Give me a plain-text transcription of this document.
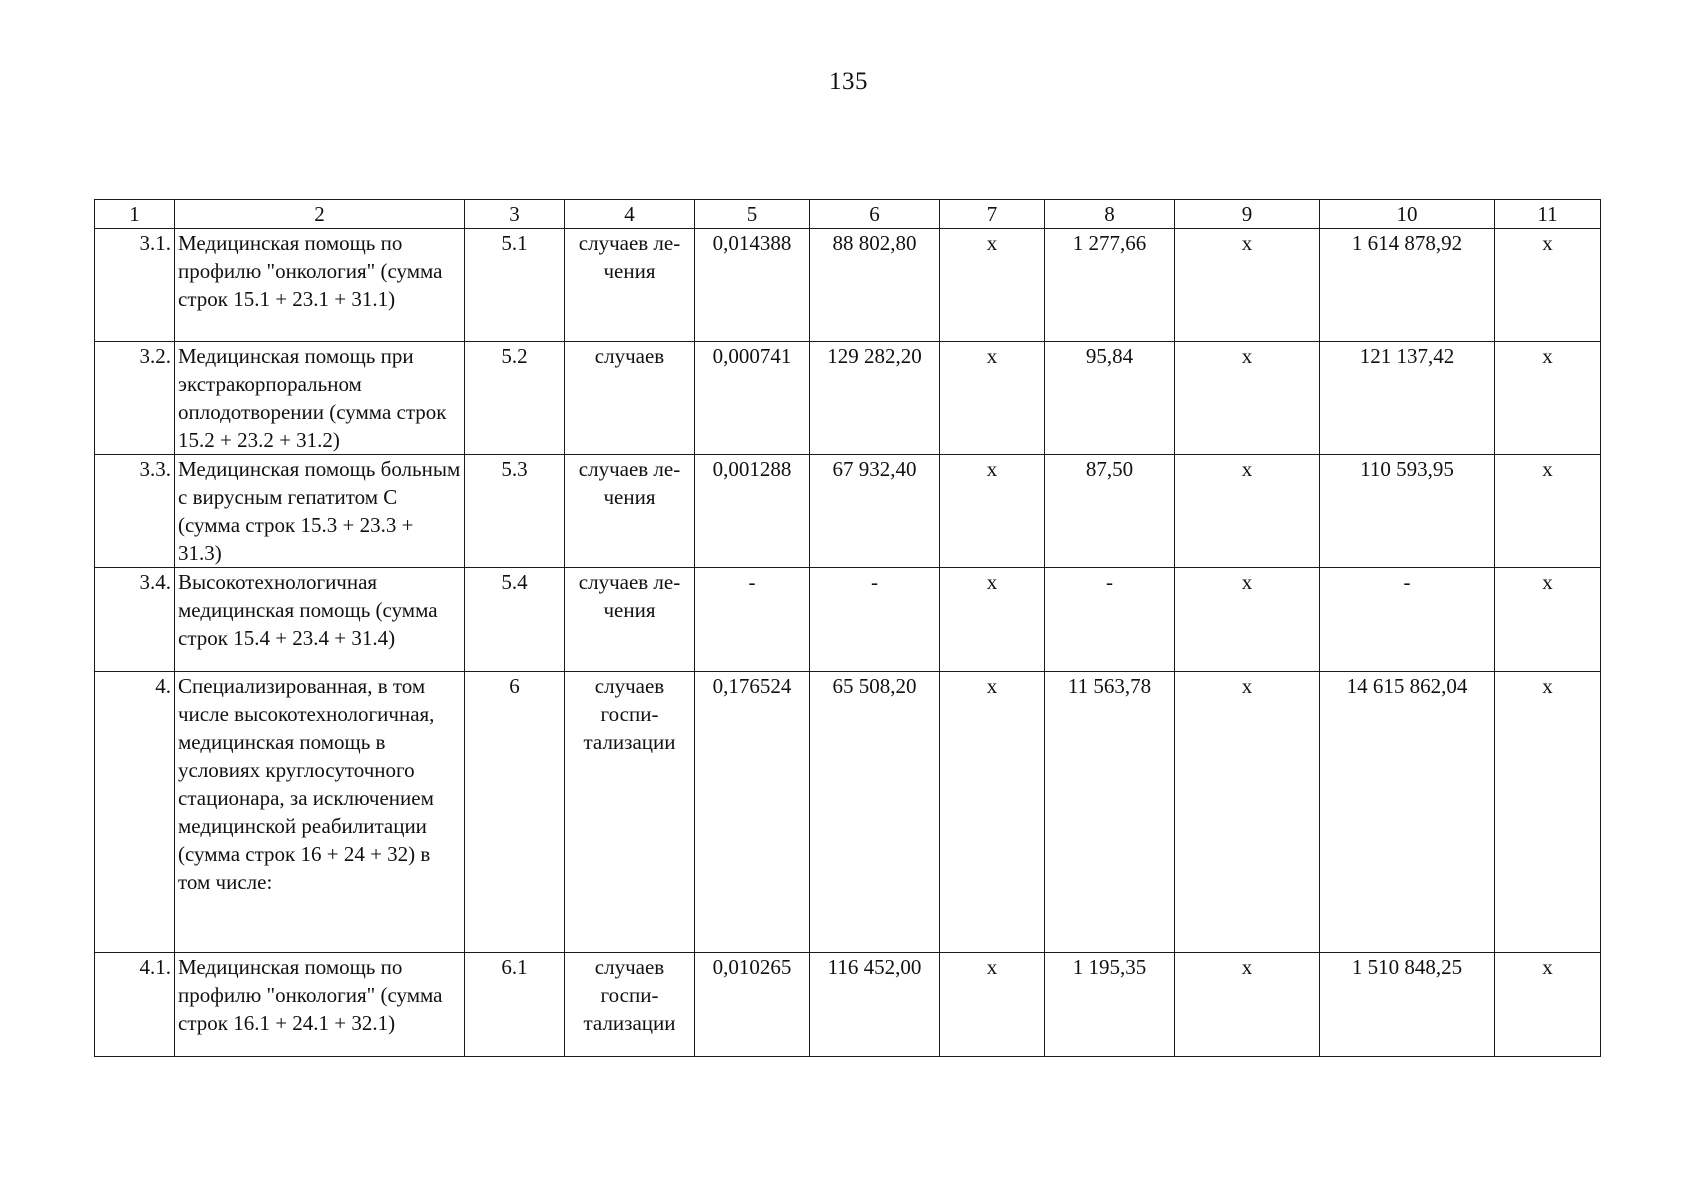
135
1	2	3	4	5	6	7	8	9	10	11
3.1.	Медицинская помощь по профилю "онкология" (сумма строк 15.1 + 23.1 + 31.1)	5.1	случаев ле-чения	0,014388	88 802,80	х	1 277,66	х	1 614 878,92	х
3.2.	Медицинская помощь при экстракорпоральном оплодотворении (сумма строк 15.2 + 23.2 + 31.2)	5.2	случаев	0,000741	129 282,20	х	95,84	х	121 137,42	х
3.3.	Медицинская помощь больным с вирусным гепатитом С (сумма строк 15.3 + 23.3 + 31.3)	5.3	случаев ле-чения	0,001288	67 932,40	х	87,50	х	110 593,95	х
3.4.	Высокотехнологичная медицинская помощь (сумма строк 15.4 + 23.4 + 31.4)	5.4	случаев ле-чения	-	-	х	-	х	-	х
4.	Специализированная, в том числе высокотехнологичная, медицинская помощь в условиях круглосуточного стационара, за исключением медицинской реабилитации (сумма строк 16 + 24 + 32) в том числе:	6	случаев госпи-тализации	0,176524	65 508,20	х	11 563,78	х	14 615 862,04	х
4.1.	Медицинская помощь по профилю "онкология" (сумма строк 16.1 + 24.1 + 32.1)	6.1	случаев госпи-тализации	0,010265	116 452,00	х	1 195,35	х	1 510 848,25	х
